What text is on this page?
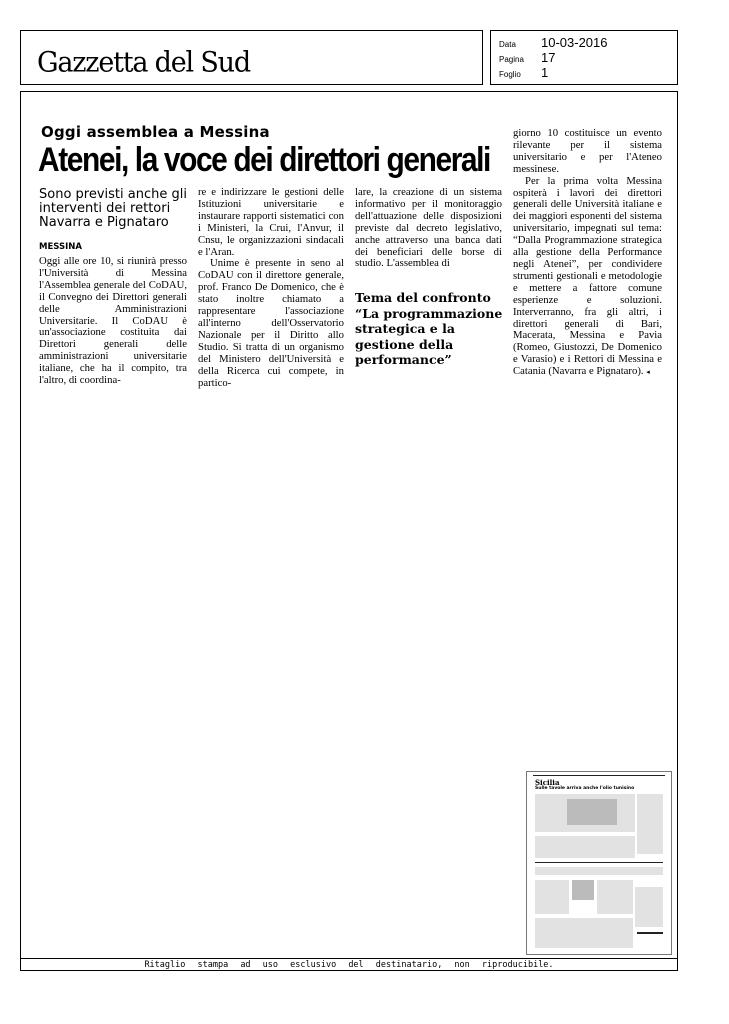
Gazzetta del Sud
Data 10-03-2016
Pagina 17
Foglio 1
Oggi assemblea a Messina
Atenei, la voce dei direttori generali
Sono previsti anche gli interventi dei rettori Navarra e Pignataro
MESSINA

Oggi alle ore 10, si riunirà presso l'Università di Messina l'Assemblea generale del CoDAU, il Convegno dei Direttori generali delle Amministrazioni Universitarie. Il CoDAU è un'associazione costituita dai Direttori generali delle amministrazioni universitarie italiane, che ha il compito, tra l'altro, di coordina-

re e indirizzare le gestioni delle Istituzioni universitarie e instaurare rapporti sistematici con i Ministeri, la Crui, l'Anvur, il Cnsu, le organizzazioni sindacali e l'Aran.

Unime è presente in seno al CoDAU con il direttore generale, prof. Franco De Domenico, che è stato inoltre chiamato a rappresentare l'associazione all'interno dell'Osservatorio Nazionale per il Diritto allo Studio. Si tratta di un organismo del Ministero dell'Università e della Ricerca cui compete, in partico-

lare, la creazione di un sistema informativo per il monitoraggio dell'attuazione delle disposizioni previste dal decreto legislativo, anche attraverso una banca dati dei beneficiari delle borse di studio. L'assemblea di

Tema del confronto “La programmazione strategica e la gestione della performance”

giorno 10 costituisce un evento rilevante per il sistema universitario e per l'Ateneo messinese.

Per la prima volta Messina ospiterà i lavori dei direttori generali delle Università italiane e dei maggiori esponenti del sistema universitario, impegnati sul tema: “Dalla Programmazione strategica alla gestione della Performance negli Atenei”, per condividere strumenti gestionali e metodologie e mettere a fattore comune esperienze e soluzioni. Interverranno, fra gli altri, i direttori generali di Bari, Macerata, Messina e Pavia (Romeo, Giustozzi, De Domenico e Varasio) e i Rettori di Messina e Catania (Navarra e Pignataro). ◂

Sicilia
Sulle tavole arriva anche l'olio tunisino
Ritaglio stampa ad uso esclusivo del destinatario, non riproducibile.
